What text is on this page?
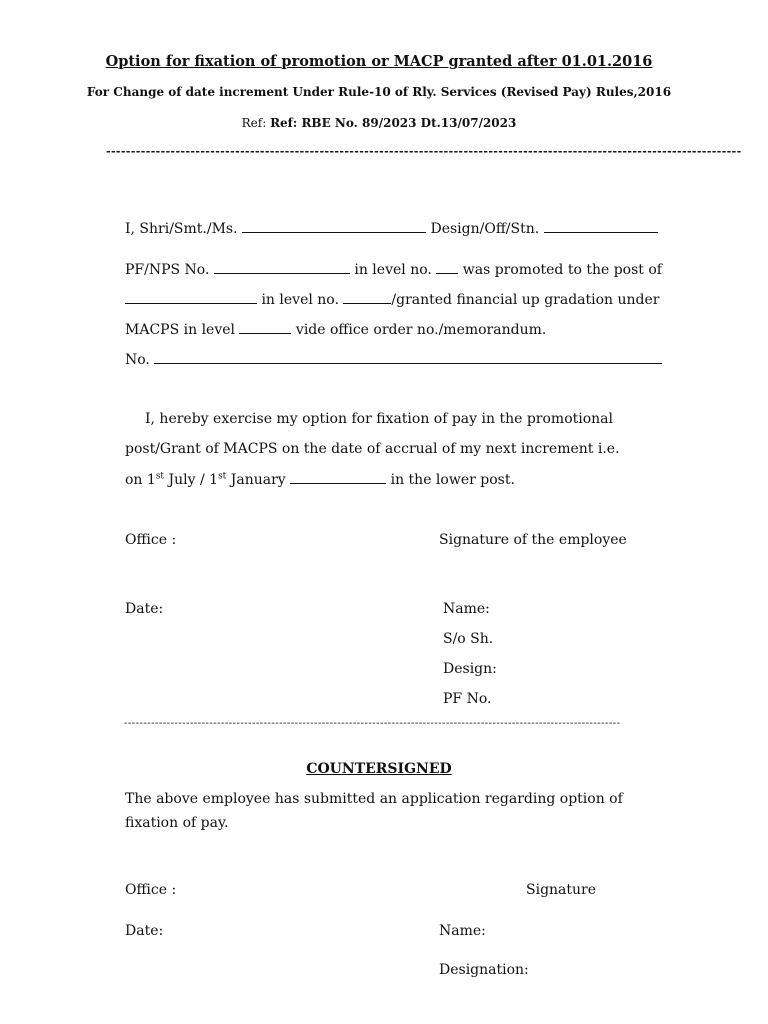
Option for fixation of promotion or MACP granted after 01.01.2016
For Change of date increment Under Rule-10 of Rly. Services (Revised Pay) Rules,2016
Ref: Ref: RBE No. 89/2023 Dt.13/07/2023
--------------------------------------------------------------------------------------------------------------------------------
I, Shri/Smt./Ms.	Design/Off/Stn.
PF/NPS No.	in level no. was promoted to the post of
in level no.	/granted financial up gradation under
MACPS in level	vide office order no./memorandum.
No.
I, hereby exercise my option for fixation of pay in the promotional
post/Grant of MACPS on the date of accrual of my next increment i.e.
on 1st July / 1st January	in the lower post.
Office :	Signature of the employee
Date:	Name:
S/o Sh.
Design:
PF No.
--------------------------------------------------------------------------------------------------------------------------------
COUNTERSIGNED
The above employee has submitted an application regarding option of
fixation of pay.
Office :	Signature
Date:	Name:
Designation:
